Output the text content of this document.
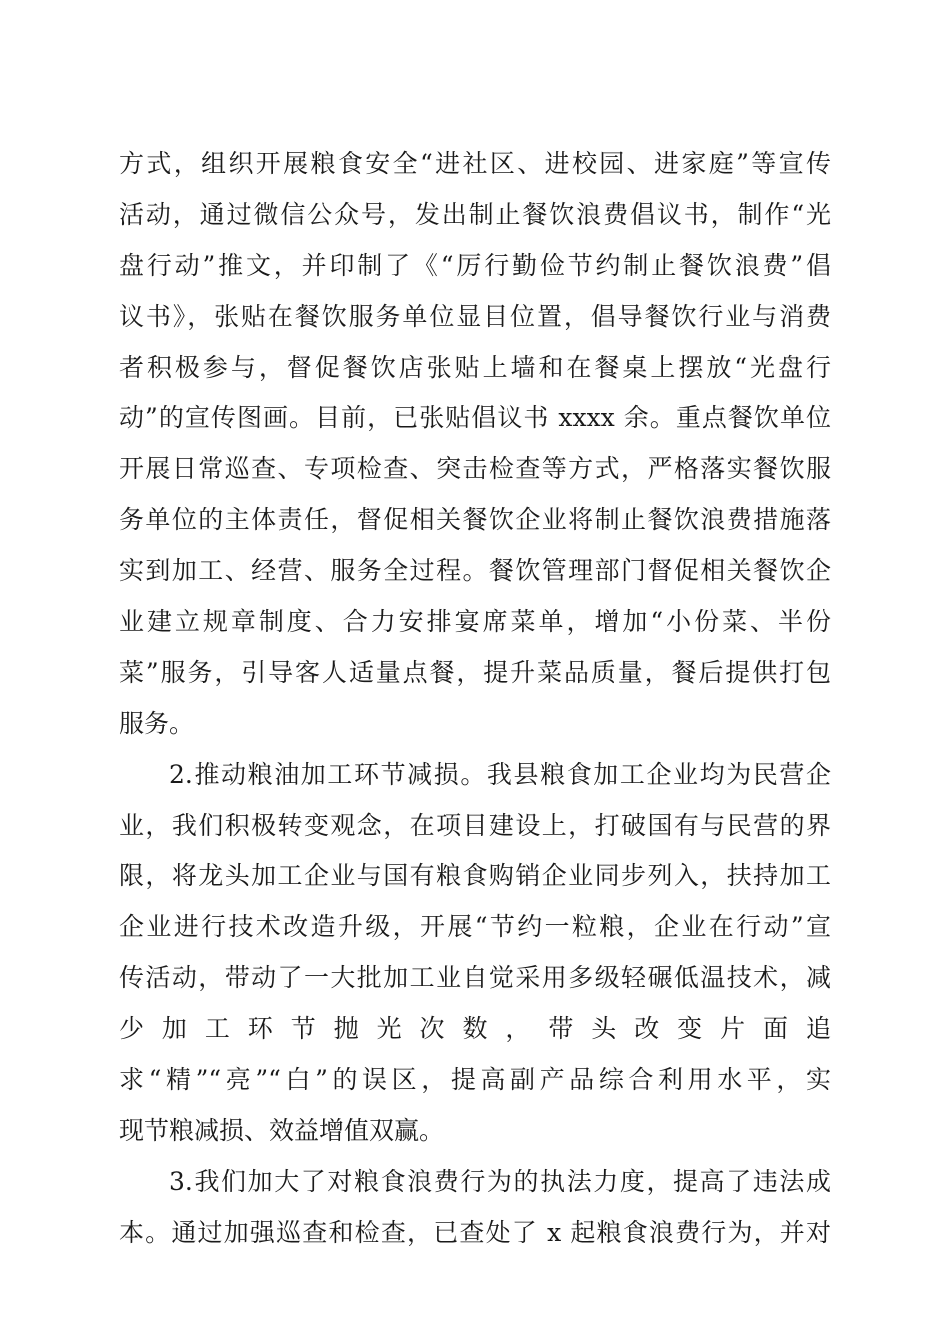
方式，组织开展粮食安全“进社区、进校园、进家庭”等宣传
活动，通过微信公众号，发出制止餐饮浪费倡议书，制作“光
盘行动”推文，并印制了《“厉行勤俭节约制止餐饮浪费”倡
议书》，张贴在餐饮服务单位显目位置，倡导餐饮行业与消费
者积极参与，督促餐饮店张贴上墙和在餐桌上摆放“光盘行
动”的宣传图画。目前，已张贴倡议书 xxxx 余。重点餐饮单位
开展日常巡查、专项检查、突击检查等方式，严格落实餐饮服
务单位的主体责任，督促相关餐饮企业将制止餐饮浪费措施落
实到加工、经营、服务全过程。餐饮管理部门督促相关餐饮企
业建立规章制度、合力安排宴席菜单，增加“小份菜、半份
菜”服务，引导客人适量点餐，提升菜品质量，餐后提供打包
服务。
2.推动粮油加工环节减损。我县粮食加工企业均为民营企
业，我们积极转变观念，在项目建设上，打破国有与民营的界
限，将龙头加工企业与国有粮食购销企业同步列入，扶持加工
企业进行技术改造升级，开展“节约一粒粮，企业在行动”宣
传活动，带动了一大批加工业自觉采用多级轻碾低温技术，减
少 加 工 环 节 抛 光 次 数 ， 带 头 改 变 片 面 追
求“精”“亮”“白”的误区，提高副产品综合利用水平，实
现节粮减损、效益增值双赢。
3.我们加大了对粮食浪费行为的执法力度，提高了违法成
本。通过加强巡查和检查，已查处了 x 起粮食浪费行为，并对
